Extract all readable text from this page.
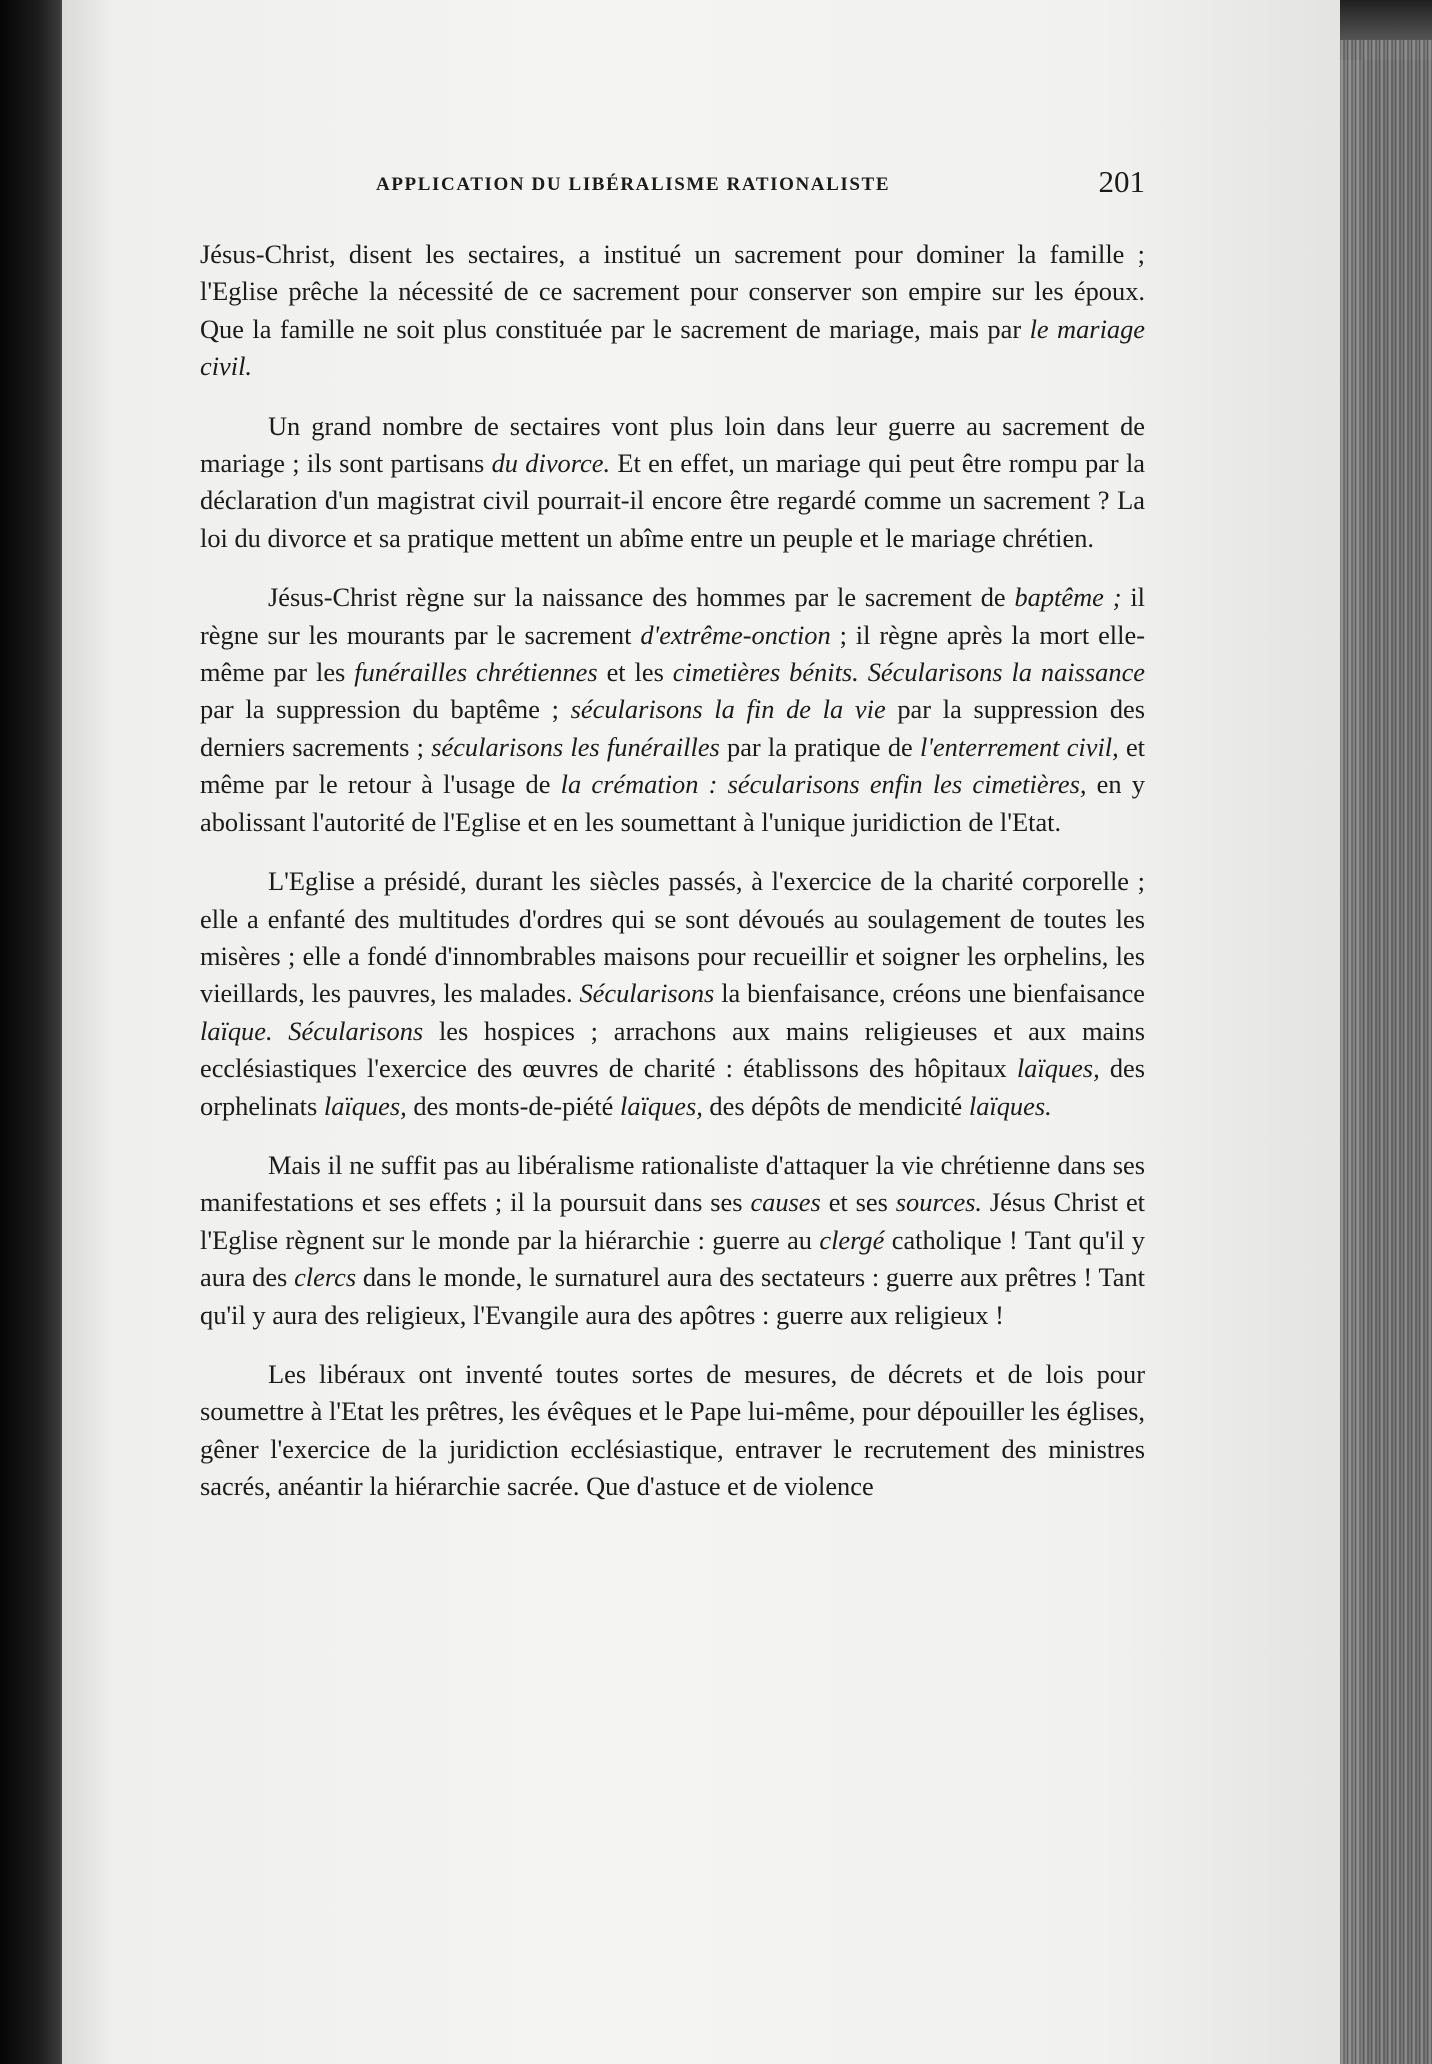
APPLICATION DU LIBÉRALISME RATIONALISTE	201

Jésus-Christ, disent les sectaires, a institué un sacrement pour dominer la famille ; l'Eglise prêche la nécessité de ce sacrement pour conserver son empire sur les époux. Que la famille ne soit plus constituée par le sacrement de mariage, mais par le mariage civil.

Un grand nombre de sectaires vont plus loin dans leur guerre au sacrement de mariage ; ils sont partisans du divorce. Et en effet, un mariage qui peut être rompu par la déclaration d'un magistrat civil pourrait-il encore être regardé comme un sacrement ? La loi du divorce et sa pratique mettent un abîme entre un peuple et le mariage chrétien.

Jésus-Christ règne sur la naissance des hommes par le sacrement de baptême ; il règne sur les mourants par le sacrement d'extrême-onction ; il règne après la mort elle-même par les funérailles chrétiennes et les cimetières bénits. Sécularisons la naissance par la suppression du baptême ; sécularisons la fin de la vie par la suppression des derniers sacrements ; sécularisons les funérailles par la pratique de l'enterrement civil, et même par le retour à l'usage de la crémation : sécularisons enfin les cimetières, en y abolissant l'autorité de l'Eglise et en les soumettant à l'unique juridiction de l'Etat.

L'Eglise a présidé, durant les siècles passés, à l'exercice de la charité corporelle ; elle a enfanté des multitudes d'ordres qui se sont dévoués au soulagement de toutes les misères ; elle a fondé d'innombrables maisons pour recueillir et soigner les orphelins, les vieillards, les pauvres, les malades. Sécularisons la bienfaisance, créons une bienfaisance laïque. Sécularisons les hospices ; arrachons aux mains religieuses et aux mains ecclésiastiques l'exercice des œuvres de charité : établissons des hôpitaux laïques, des orphelinats laïques, des monts-de-piété laïques, des dépôts de mendicité laïques.

Mais il ne suffit pas au libéralisme rationaliste d'attaquer la vie chrétienne dans ses manifestations et ses effets ; il la poursuit dans ses causes et ses sources. Jésus Christ et l'Eglise règnent sur le monde par la hiérarchie : guerre au clergé catholique ! Tant qu'il y aura des clercs dans le monde, le surnaturel aura des sectateurs : guerre aux prêtres ! Tant qu'il y aura des religieux, l'Evangile aura des apôtres : guerre aux religieux !

Les libéraux ont inventé toutes sortes de mesures, de décrets et de lois pour soumettre à l'Etat les prêtres, les évêques et le Pape lui-même, pour dépouiller les églises, gêner l'exercice de la juridiction ecclésiastique, entraver le recrutement des ministres sacrés, anéantir la hiérarchie sacrée. Que d'astuce et de violence
